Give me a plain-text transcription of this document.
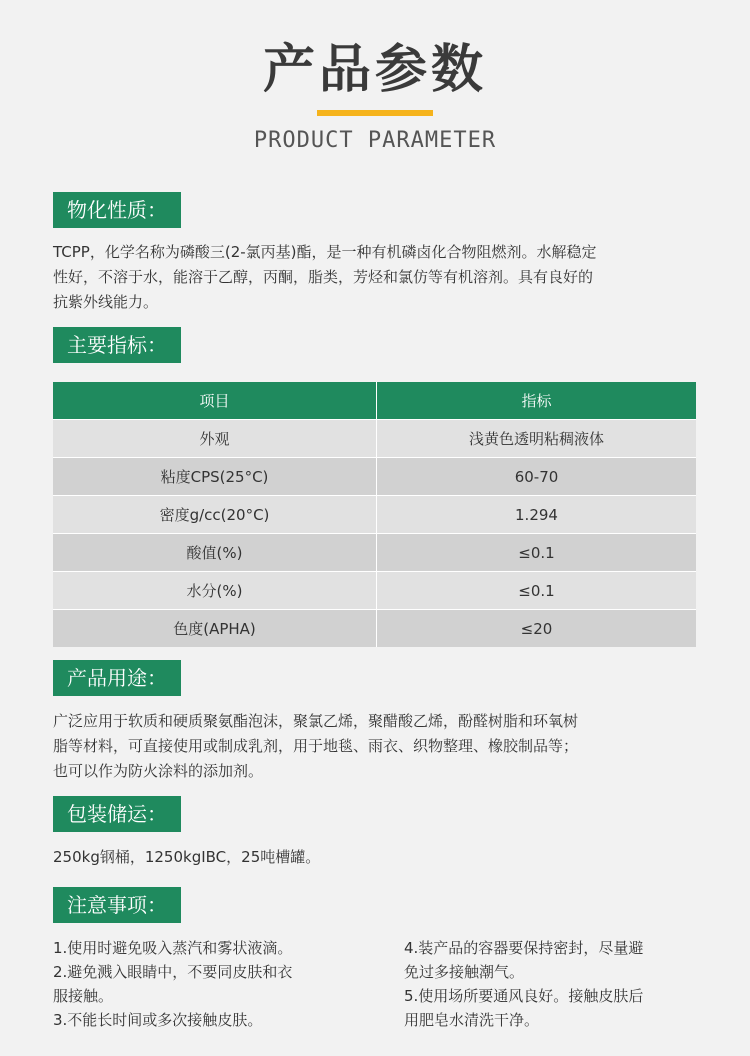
产品参数
PRODUCT PARAMETER
物化性质：
TCPP，化学名称为磷酸三(2-氯丙基)酯，是一种有机磷卤化合物阻燃剂。水解稳定
性好，不溶于水，能溶于乙醇，丙酮，脂类，芳烃和氯仿等有机溶剂。具有良好的
抗紫外线能力。
主要指标：
项目	指标
外观	浅黄色透明粘稠液体
粘度CPS(25°C)	60-70
密度g/cc(20°C)	1.294
酸值(%)	≤0.1
水分(%)	≤0.1
色度(APHA)	≤20
产品用途：
广泛应用于软质和硬质聚氨酯泡沫，聚氯乙烯，聚醋酸乙烯，酚醛树脂和环氧树
脂等材料，可直接使用或制成乳剂，用于地毯、雨衣、织物整理、橡胶制品等；
也可以作为防火涂料的添加剂。
包装储运：
250kg钢桶，1250kgIBC，25吨槽罐。
注意事项：
1.使用时避免吸入蒸汽和雾状液滴。
2.避免溅入眼睛中，不要同皮肤和衣
服接触。
3.不能长时间或多次接触皮肤。
4.装产品的容器要保持密封，尽量避
免过多接触潮气。
5.使用场所要通风良好。接触皮肤后
用肥皂水清洗干净。
